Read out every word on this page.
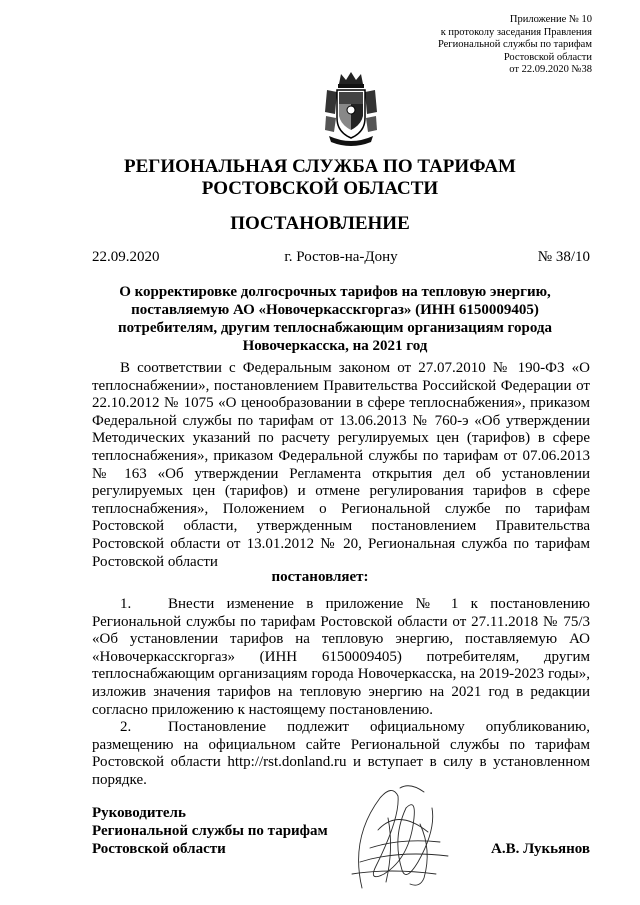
Приложение № 10
к протоколу заседания Правления
Региональной службы по тарифам
Ростовской области
от 22.09.2020 №38
РЕГИОНАЛЬНАЯ СЛУЖБА ПО ТАРИФАМ
РОСТОВСКОЙ ОБЛАСТИ
ПОСТАНОВЛЕНИЕ
г. Ростов-на-Дону
22.09.2020	№ 38/10
О корректировке долгосрочных тарифов на тепловую энергию,
поставляемую АО «Новочеркасскгоргаз» (ИНН 6150009405)
потребителям, другим теплоснабжающим организациям города
Новочеркасска, на 2021 год
В соответствии с Федеральным законом от 27.07.2010 № 190-ФЗ «О теплоснабжении», постановлением Правительства Российской Федерации от 22.10.2012 № 1075 «О ценообразовании в сфере теплоснабжения», приказом Федеральной службы по тарифам от 13.06.2013 № 760-э «Об утверждении Методических указаний по расчету регулируемых цен (тарифов) в сфере теплоснабжения», приказом Федеральной службы по тарифам от 07.06.2013 № 163 «Об утверждении Регламента открытия дел об установлении регулируемых цен (тарифов) и отмене регулирования тарифов в сфере теплоснабжения», Положением о Региональной службе по тарифам Ростовской области, утвержденным постановлением Правительства Ростовской области от 13.01.2012 № 20, Региональная служба по тарифам Ростовской области
постановляет:
1. Внести изменение в приложение № 1 к постановлению Региональной службы по тарифам Ростовской области от 27.11.2018 № 75/3 «Об установлении тарифов на тепловую энергию, поставляемую АО «Новочеркасскгоргаз» (ИНН 6150009405) потребителям, другим теплоснабжающим организациям города Новочеркасска, на 2019-2023 годы», изложив значения тарифов на тепловую энергию на 2021 год в редакции согласно приложению к настоящему постановлению.
2. Постановление подлежит официальному опубликованию, размещению на официальном сайте Региональной службы по тарифам Ростовской области http://rst.donland.ru и вступает в силу в установленном порядке.
Руководитель
Региональной службы по тарифам
Ростовской области	А.В. Лукьянов
